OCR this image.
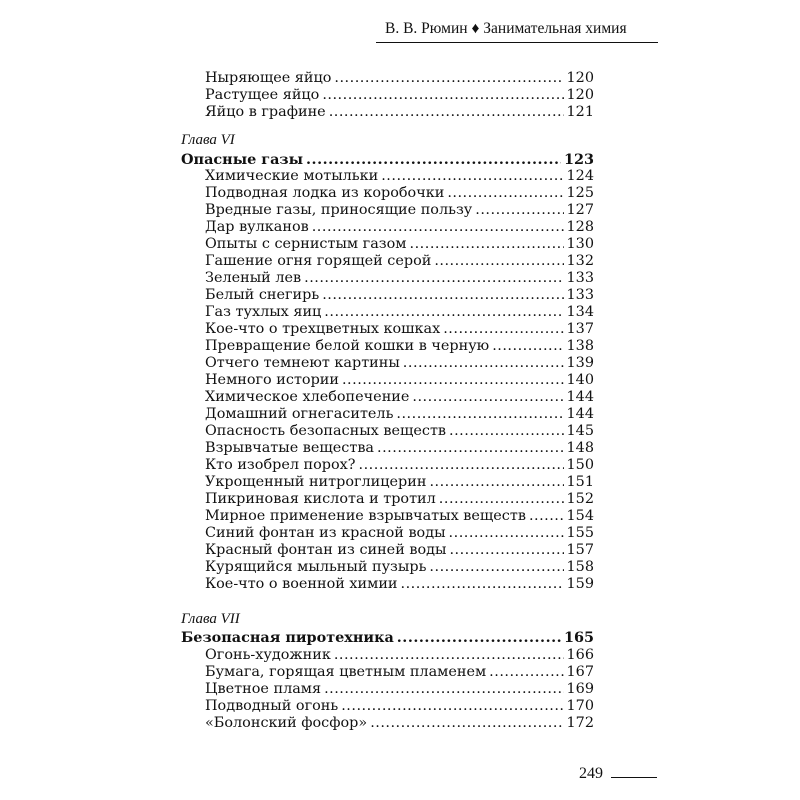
В. В. Рюмин ♦ Занимательная химия
Ныряющее яйцо .....	120
Растущее яйцо .....	120
Яйцо в графине .....	121
Глава VI
Опасные газы .....	123
Химические мотыльки .....	124
Подводная лодка из коробочки .....	125
Вредные газы, приносящие пользу .....	127
Дар вулканов .....	128
Опыты с сернистым газом .....	130
Гашение огня горящей серой .....	132
Зеленый лев .....	133
Белый снегирь .....	133
Газ тухлых яиц .....	134
Кое-что о трехцветных кошках .....	137
Превращение белой кошки в черную .....	138
Отчего темнеют картины .....	139
Немного истории .....	140
Химическое хлебопечение .....	144
Домашний огнегаситель .....	144
Опасность безопасных веществ .....	145
Взрывчатые вещества .....	148
Кто изобрел порох? .....	150
Укрощенный нитроглицерин .....	151
Пикриновая кислота и тротил .....	152
Мирное применение взрывчатых веществ .....	154
Синий фонтан из красной воды .....	155
Красный фонтан из синей воды .....	157
Курящийся мыльный пузырь .....	158
Кое-что о военной химии .....	159
Глава VII
Безопасная пиротехника .....	165
Огонь-художник .....	166
Бумага, горящая цветным пламенем .....	167
Цветное пламя .....	169
Подводный огонь .....	170
«Болонский фосфор» .....	172
249
